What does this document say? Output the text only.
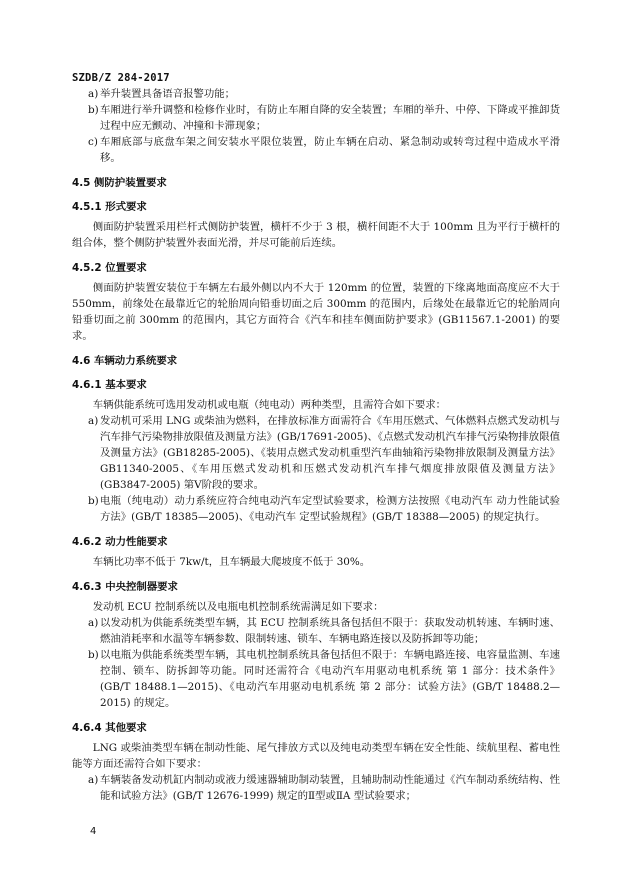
SZDB/Z 284-2017
a) 举升装置具备语音报警功能；
b) 车厢进行举升调整和检修作业时，有防止车厢自降的安全装置；车厢的举升、中停、下降或平推卸货过程中应无颤动、冲撞和卡滞现象；
c) 车厢底部与底盘车架之间安装水平限位装置，防止车辆在启动、紧急制动或转弯过程中造成水平滑移。
4.5 侧防护装置要求
4.5.1 形式要求

侧面防护装置采用栏杆式侧防护装置，横杆不少于 3 根，横杆间距不大于 100mm 且为平行于横杆的组合体，整个侧防护装置外表面光滑，并尽可能前后连续。

4.5.2 位置要求

侧面防护装置安装位于车辆左右最外侧以内不大于 120mm 的位置，装置的下缘离地面高度应不大于 550mm，前缘处在最靠近它的轮胎周向铅垂切面之后 300mm 的范围内，后缘处在最靠近它的轮胎周向铅垂切面之前 300mm 的范围内，其它方面符合《汽车和挂车侧面防护要求》(GB11567.1-2001) 的要求。

4.6 车辆动力系统要求
4.6.1 基本要求

车辆供能系统可选用发动机或电瓶（纯电动）两种类型，且需符合如下要求：

a) 发动机可采用 LNG 或柴油为燃料，在排放标准方面需符合《车用压燃式、气体燃料点燃式发动机与汽车排气污染物排放限值及测量方法》(GB/17691-2005)、《点燃式发动机汽车排气污染物排放限值及测量方法》(GB18285-2005)、《装用点燃式发动机重型汽车曲轴箱污染物排放限制及测量方法》GB11340-2005、《车用压燃式发动机和压燃式发动机汽车排气烟度排放限值及测量方法》(GB3847-2005) 第Ⅴ阶段的要求。
b) 电瓶（纯电动）动力系统应符合纯电动汽车定型试验要求，检测方法按照《电动汽车 动力性能试验方法》(GB/T 18385—2005)、《电动汽车 定型试验规程》(GB/T 18388—2005) 的规定执行。
4.6.2 动力性能要求

车辆比功率不低于 7kw/t，且车辆最大爬坡度不低于 30%。

4.6.3 中央控制器要求

发动机 ECU 控制系统以及电瓶电机控制系统需满足如下要求：

a) 以发动机为供能系统类型车辆，其 ECU 控制系统具备包括但不限于：获取发动机转速、车辆时速、燃油消耗率和水温等车辆参数、限制转速、锁车、车辆电路连接以及防拆卸等功能；
b) 以电瓶为供能系统类型车辆，其电机控制系统具备包括但不限于：车辆电路连接、电容量监测、车速控制、锁车、防拆卸等功能。同时还需符合《电动汽车用驱动电机系统 第 1 部分：技术条件》(GB/T 18488.1—2015)、《电动汽车用驱动电机系统 第 2 部分：试验方法》(GB/T 18488.2—2015) 的规定。
4.6.4 其他要求

LNG 或柴油类型车辆在制动性能、尾气排放方式以及纯电动类型车辆在安全性能、续航里程、蓄电性能等方面还需符合如下要求：

a) 车辆装备发动机缸内制动或液力缓速器辅助制动装置，且辅助制动性能通过《汽车制动系统结构、性能和试验方法》(GB/T 12676-1999) 规定的Ⅱ型或ⅡA 型试验要求；
4
